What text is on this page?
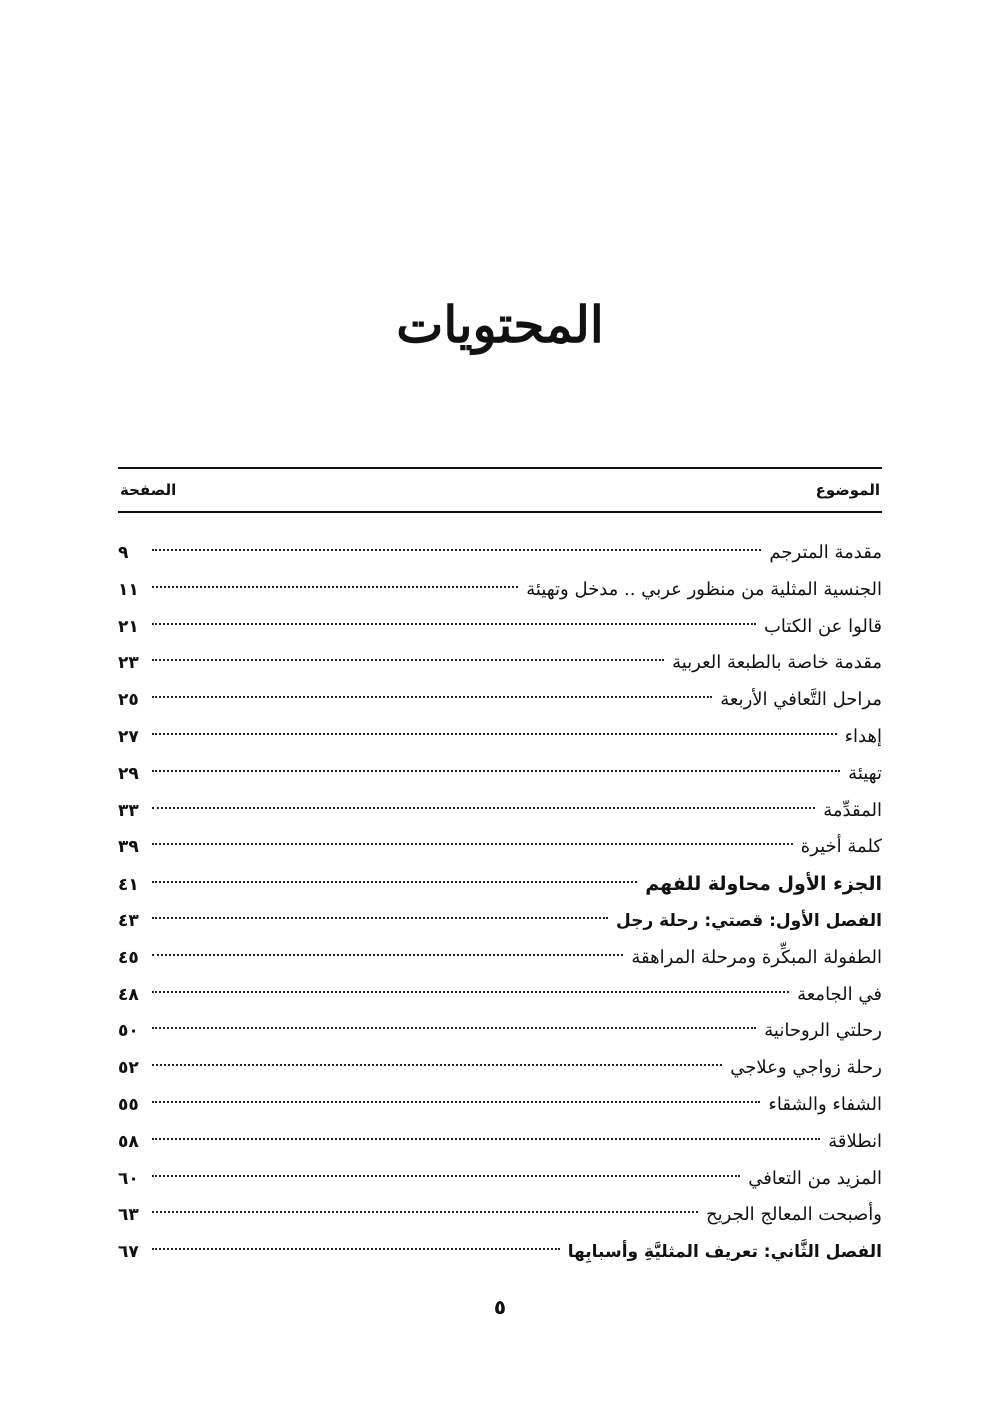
المحتويات
الموضوع
الصفحة
مقدمة المترجم
٩
الجنسية المثلية من منظور عربي .. مدخل وتهيئة
١١
قالوا عن الكتاب
٢١
مقدمة خاصة بالطبعة العربية
٢٣
مراحل التَّعافي الأربعة
٢٥
إهداء
٢٧
تهيئة
٢٩
المقدِّمة
٣٣
كلمة أخيرة
٣٩
الجزء الأول محاولة للفهم
٤١
الفصل الأول: قصتي: رحلة رجل
٤٣
الطفولة المبكِّرة ومرحلة المراهقة
٤٥
في الجامعة
٤٨
رحلتي الروحانية
٥٠
رحلة زواجي وعلاجي
٥٢
الشفاء والشقاء
٥٥
انطلاقة
٥٨
المزيد من التعافي
٦٠
وأصبحت المعالج الجريح
٦٣
الفصل الثَّاني: تعريف المثليَّةِ وأسبابِها
٦٧
٥
